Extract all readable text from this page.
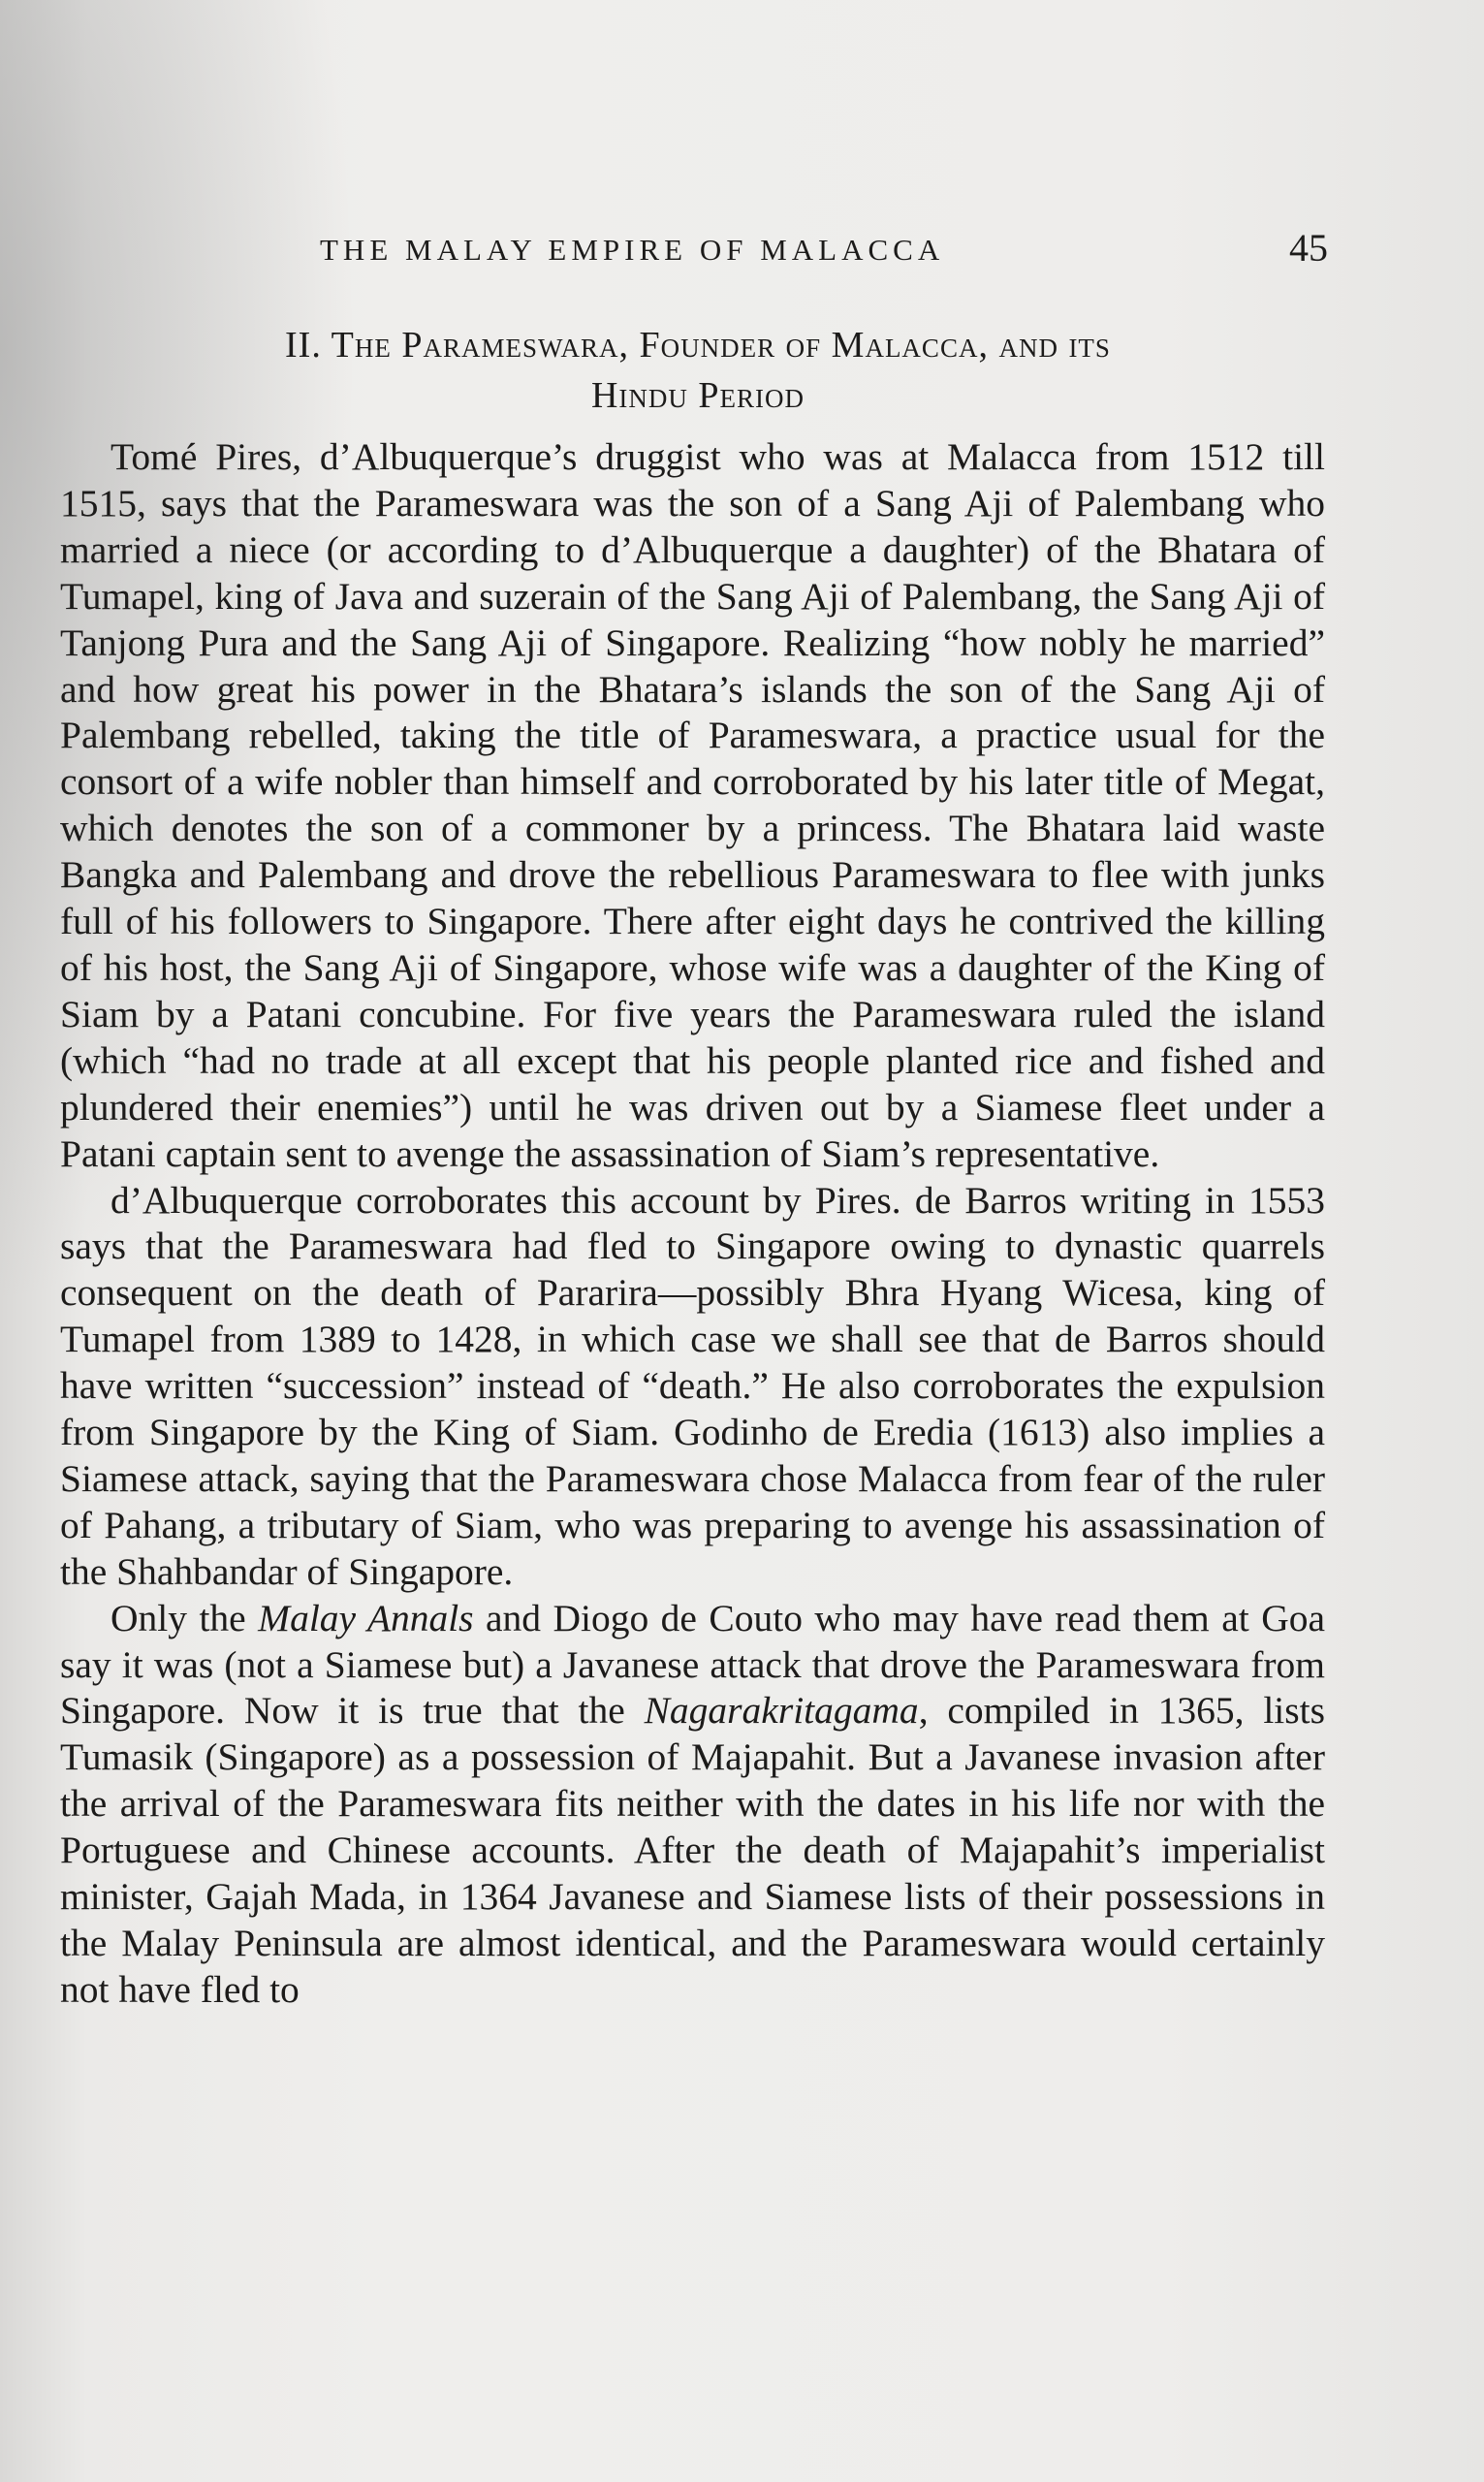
THE MALAY EMPIRE OF MALACCA	45
II. The Parameswara, Founder of Malacca, and its
Hindu Period

Tomé Pires, d’Albuquerque’s druggist who was at Malacca from 1512 till 1515, says that the Parameswara was the son of a Sang Aji of Palembang who married a niece (or according to d’Albuquerque a daughter) of the Bhatara of Tumapel, king of Java and suzerain of the Sang Aji of Palembang, the Sang Aji of Tanjong Pura and the Sang Aji of Singapore. Realizing “how nobly he married” and how great his power in the Bhatara’s islands the son of the Sang Aji of Palembang rebelled, taking the title of Parameswara, a practice usual for the consort of a wife nobler than himself and corroborated by his later title of Megat, which denotes the son of a commoner by a princess. The Bhatara laid waste Bangka and Palembang and drove the rebellious Parameswara to flee with junks full of his followers to Singapore. There after eight days he contrived the killing of his host, the Sang Aji of Singapore, whose wife was a daughter of the King of Siam by a Patani concubine. For five years the Parameswara ruled the island (which “had no trade at all except that his people planted rice and fished and plundered their enemies”) until he was driven out by a Siamese fleet under a Patani captain sent to avenge the assassination of Siam’s representative.

d’Albuquerque corroborates this account by Pires. de Barros writing in 1553 says that the Parameswara had fled to Singapore owing to dynastic quarrels consequent on the death of Pararira—possibly Bhra Hyang Wicesa, king of Tumapel from 1389 to 1428, in which case we shall see that de Barros should have written “succession” instead of “death.” He also corroborates the expulsion from Singapore by the King of Siam. Godinho de Eredia (1613) also implies a Siamese attack, saying that the Parameswara chose Malacca from fear of the ruler of Pahang, a tributary of Siam, who was preparing to avenge his assassination of the Shahbandar of Singapore.

Only the Malay Annals and Diogo de Couto who may have read them at Goa say it was (not a Siamese but) a Javanese attack that drove the Parameswara from Singapore. Now it is true that the Nagarakritagama, compiled in 1365, lists Tumasik (Singapore) as a possession of Majapahit. But a Javanese invasion after the arrival of the Parameswara fits neither with the dates in his life nor with the Portuguese and Chinese accounts. After the death of Majapahit’s imperialist minister, Gajah Mada, in 1364 Javanese and Siamese lists of their possessions in the Malay Peninsula are almost identical, and the Parameswara would certainly not have fled to
